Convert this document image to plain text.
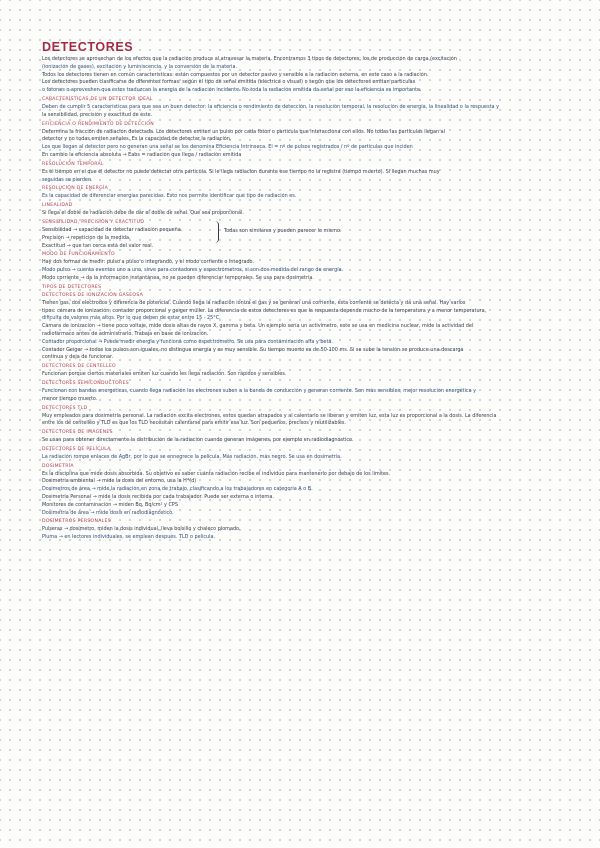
DETECTORES
Los detectores se aprovechan de los efectos que la radiación produce al atravesar la materia. Encontramos 3 tipos de detectores: los de producción de carga (excitación
(ionización de gases), excitación y luminiscencia, y la conversión de la materia.
Todos los detectores tienen en común características: están compuestos por un detector pasivo y sensible a la radiación externa, en este caso a la radiación.
Los detectores pueden clasificarse de diferentes formas: según el tipo de señal emitida (eléctrica o visual) o según que los detectores emitan partículas
o fotones o aprovechen que estos traduzcan la energía de la radiación incidente. No toda la radiación emitida da señal por eso la eficiencia es importante.
CARACTERÍSTICAS DE UN DETECTOR IDEAL
Deben de cumplir 5 características para que sea un buen detector: la eficiencia o rendimiento de detección, la resolución temporal, la resolución de energía, la linealidad o la respuesta y
la sensibilidad, precisión y exactitud de éste.
EFICIENCIA O RENDIMIENTO DE DETECCIÓN
Determina la fracción de radiación detectada. Los detectores emiten un pulso por cada fotón o partícula que interacciona con ellos. No todas las partículas llegan al
detector y no todas emiten señales. Es la capacidad de detectar la radiación.
Los que llegan al detector pero no generan una señal se los denomina Eficiencia Intrínseca. Ei = nº de pulsos registrados / nº de partículas que inciden
En cambio la eficiencia absoluta → Eabs = radiación que llega / radiación emitida
RESOLUCIÓN TEMPORAL
Es el tiempo en el que el detector no puede detectar otra partícula. Si le llega radiación durante ese tiempo no la registra (tiempo muerto). Si llegan muchas muy
seguidas se pierden.
RESOLUCIÓN DE ENERGÍA
Es la capacidad de diferenciar energías parecidas. Esto nos permite identificar qué tipo de radiación es.
LINEALIDAD
Si llega el doble de radiación debe de dar el doble de señal. Que sea proporcional.
SENSIBILIDAD, PRECISIÓN Y EXACTITUD
Sensibilidad → capacidad de detectar radiación pequeña.
Precisión → repetición de la medida.
Exactitud → que tan cerca está del valor real.
Todas son similares y pueden parecer lo mismo.
MODO DE FUNCIONAMIENTO
Hay dos formas de medir: pulso a pulso o integrando, y el modo corriente o integrado.
Modo pulso → cuenta eventos uno a uno, sirve para contadores y espectrómetros, si son dos medida del rango de energía.
Modo corriente → da la información instantánea, no se pueden diferenciar temporales. Se usa para dosimetría.
TIPOS DE DETECTORES
DETECTORES DE IONIZACIÓN GASEOSA
Tienen gas, dos electrodos y diferencia de potencial. Cuando llega la radiación ioniza el gas y se generan una corriente, esta corriente se detecta y da una señal. Hay varios
tipos: cámara de ionización, contador proporcional y geiger müller. La diferencia de estos detectores es que la respuesta depende mucho de la temperatura y a menor temperatura,
dificulta de valores más altos. Por lo que deben de estar entre 15 - 25°C.
Cámara de ionización → tiene poco voltaje, mide dosis altas de rayos X, gamma y beta. Un ejemplo sería un activímetro, este se usa en medicina nuclear, mide la actividad del
radiofármaco antes de administrarlo. Trabaja en base de ionización.
Contador proporcional → Puede medir energía y funciona como espectrómetro. Se usa para contaminación alfa y beta.
Contador Geiger → todos los pulsos son iguales, no distingue energía y es muy sensible. Su tiempo muerto es de 50-100 ms. Si se sube la tensión se produce una descarga
continua y deja de funcionar.
DETECTORES DE CENTELLEO
Funcionan porque ciertos materiales emiten luz cuando les llega radiación. Son rápidos y sensibles.
DETECTORES SEMICONDUCTORES
Funcionan con bandas energéticas, cuando llega radiación los electrones suben a la banda de conducción y generan corriente. Son más sensibles, mejor resolución energética y
menor tiempo muerto.
DETECTORES TLD
Muy empleados para dosimetría personal. La radiación excita electrones, estos quedan atrapados y al calentarlo se liberan y emiten luz, esta luz es proporcional a la dosis. La diferencia
entre los de centelleo y TLD es que los TLD necesitan calentarse para emitir esa luz. Son pequeños, precisos y reutilizables.
DETECTORES DE IMÁGENES
Se usan para obtener directamente la distribución de la radiación cuando generan imágenes, por ejemplo en radiodiagnóstico.
DETECTORES DE PELÍCULA
La radiación rompe enlaces de AgBr, por lo que se ennegrece la película. Más radiación, más negro. Se usa en dosimetría.
DOSIMETRÍA
Es la disciplina que mide dosis absorbida. Su objetivo es saber cuánta radiación recibe el individuo para mantenerlo por debajo de los límites.
Dosimetría ambiental → mide la dosis del entorno, usa la H*(d)
Dosímetros de área → mide la radiación en zona de trabajo, clasificando a los trabajadores en categoría A o B.
Dosimetría Personal → mide la dosis recibida por cada trabajador. Puede ser externa o interna.
Monitores de contaminación → miden Bq, Bq/cm² y CPS
Dosimetría de área → mide dosis en radiodiagnóstico.
DOSÍMETROS PERSONALES
Pulseras → dosímetro, miden la dosis individual, lleva bolsillo y chaleco plomado.
Pluma → en lectores individuales, se emplean después. TLD o película.
